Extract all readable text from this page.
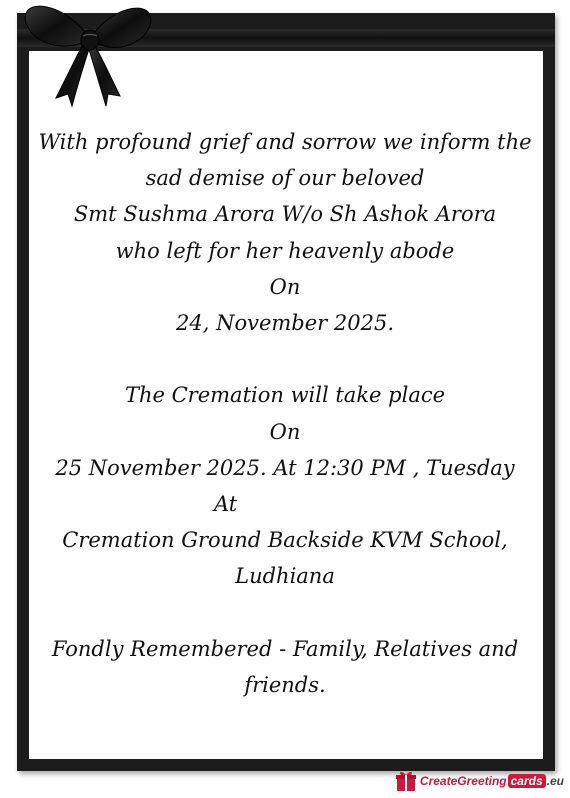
With profound grief and sorrow we inform the
sad demise of our beloved
Smt Sushma Arora W/o Sh Ashok Arora
who left for her heavenly abode
On
24, November 2025.
The Cremation will take place
On
25 November 2025. At 12:30 PM , Tuesday
At
Cremation Ground Backside KVM School,
Ludhiana
Fondly Remembered - Family, Relatives and
friends.
CreateGreeting cards .eu
